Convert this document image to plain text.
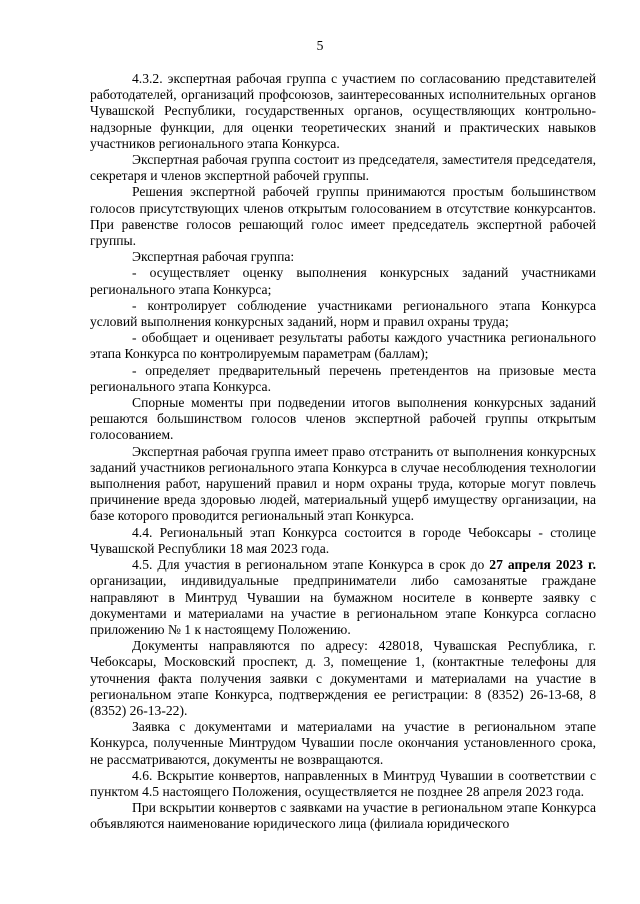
5

4.3.2. экспертная рабочая группа с участием по согласованию представителей работодателей, организаций профсоюзов, заинтересованных исполнительных органов Чувашской Республики, государственных органов, осуществляющих контрольно-надзорные функции, для оценки теоретических знаний и практических навыков участников регионального этапа Конкурса.

Экспертная рабочая группа состоит из председателя, заместителя председателя, секретаря и членов экспертной рабочей группы.

Решения экспертной рабочей группы принимаются простым большинством голосов присутствующих членов открытым голосованием в отсутствие конкурсантов. При равенстве голосов решающий голос имеет председатель экспертной рабочей группы.

Экспертная рабочая группа:

- осуществляет оценку выполнения конкурсных заданий участниками регионального этапа Конкурса;

- контролирует соблюдение участниками регионального этапа Конкурса условий выполнения конкурсных заданий, норм и правил охраны труда;

- обобщает и оценивает результаты работы каждого участника регионального этапа Конкурса по контролируемым параметрам (баллам);

- определяет предварительный перечень претендентов на призовые места регионального этапа Конкурса.

Спорные моменты при подведении итогов выполнения конкурсных заданий решаются большинством голосов членов экспертной рабочей группы открытым голосованием.

Экспертная рабочая группа имеет право отстранить от выполнения конкурсных заданий участников регионального этапа Конкурса в случае несоблюдения технологии выполнения работ, нарушений правил и норм охраны труда, которые могут повлечь причинение вреда здоровью людей, материальный ущерб имуществу организации, на базе которого проводится региональный этап Конкурса.

4.4. Региональный этап Конкурса состоится в городе Чебоксары - столице Чувашской Республики 18 мая 2023 года.

4.5. Для участия в региональном этапе Конкурса в срок до 27 апреля 2023 г. организации, индивидуальные предприниматели либо самозанятые граждане направляют в Минтруд Чувашии на бумажном носителе в конверте заявку с документами и материалами на участие в региональном этапе Конкурса согласно приложению № 1 к настоящему Положению.

Документы направляются по адресу: 428018, Чувашская Республика, г. Чебоксары, Московский проспект, д. 3, помещение 1, (контактные телефоны для уточнения факта получения заявки с документами и материалами на участие в региональном этапе Конкурса, подтверждения ее регистрации: 8 (8352) 26-13-68, 8 (8352) 26-13-22).

Заявка с документами и материалами на участие в региональном этапе Конкурса, полученные Минтрудом Чувашии после окончания установленного срока, не рассматриваются, документы не возвращаются.

4.6. Вскрытие конвертов, направленных в Минтруд Чувашии в соответствии с пунктом 4.5 настоящего Положения, осуществляется не позднее 28 апреля 2023 года.

При вскрытии конвертов с заявками на участие в региональном этапе Конкурса объявляются наименование юридического лица (филиала юридического
